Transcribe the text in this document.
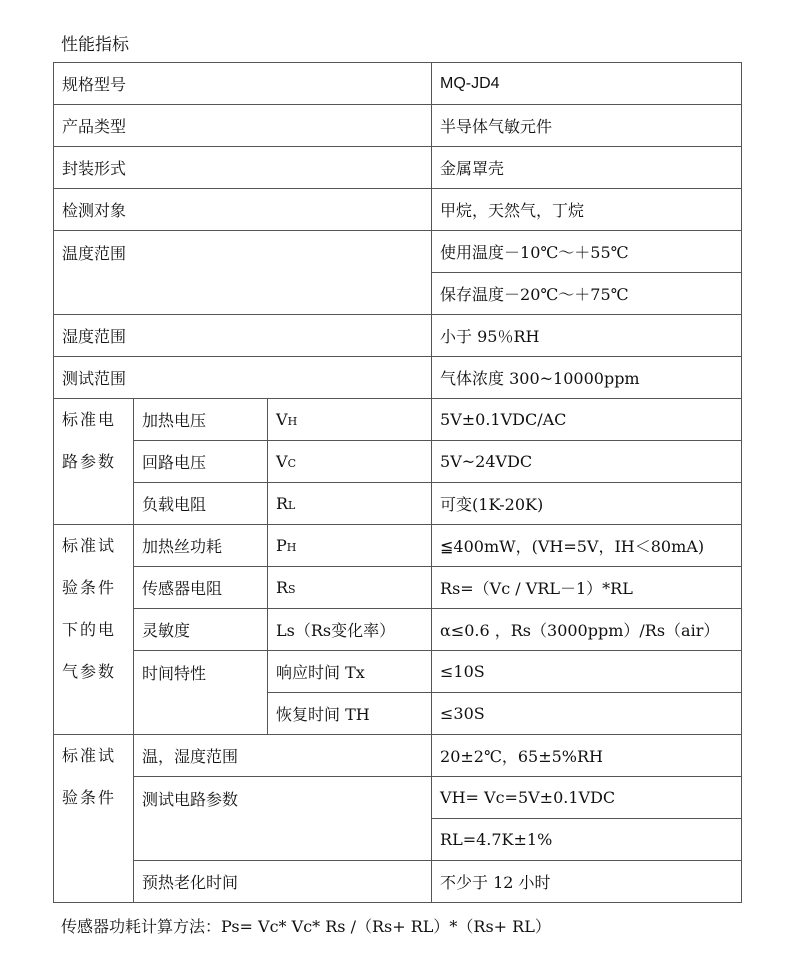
性能指标
规格型号			MQ-JD4
产品类型			半导体气敏元件
封装形式			金属罩壳
检测对象			甲烷，天然气，丁烷
温度范围			使用温度－10℃～＋55℃
			保存温度－20℃～＋75℃
湿度范围			小于 95％RH
测试范围			气体浓度 300~10000ppm

标准电路参数	加热电压	VH	5V±0.1VDC/AC
	回路电压	VC	5V~24VDC
	负载电阻	RL	可变(1K-20K)

标准试验条件下的电气参数	加热丝功耗	PH	≦400mW，(VH=5V，IH＜80mA)
	传感器电阻	RS	Rs=（Vc / VRL－1）*RL
	灵敏度	Ls（Rs变化率）	α≤0.6 ，Rs（3000ppm）/Rs（air）
	时间特性	响应时间 Tx	≤10S
		恢复时间 TH	≤30S

标准试验条件	温，湿度范围		20±2℃，65±5%RH
	测试电路参数		VH= Vc=5V±0.1VDC
			RL=4.7K±1%
	预热老化时间		不少于 12 小时
传感器功耗计算方法：Ps= Vc* Vc* Rs /（Rs+ RL）*（Rs+ RL）
